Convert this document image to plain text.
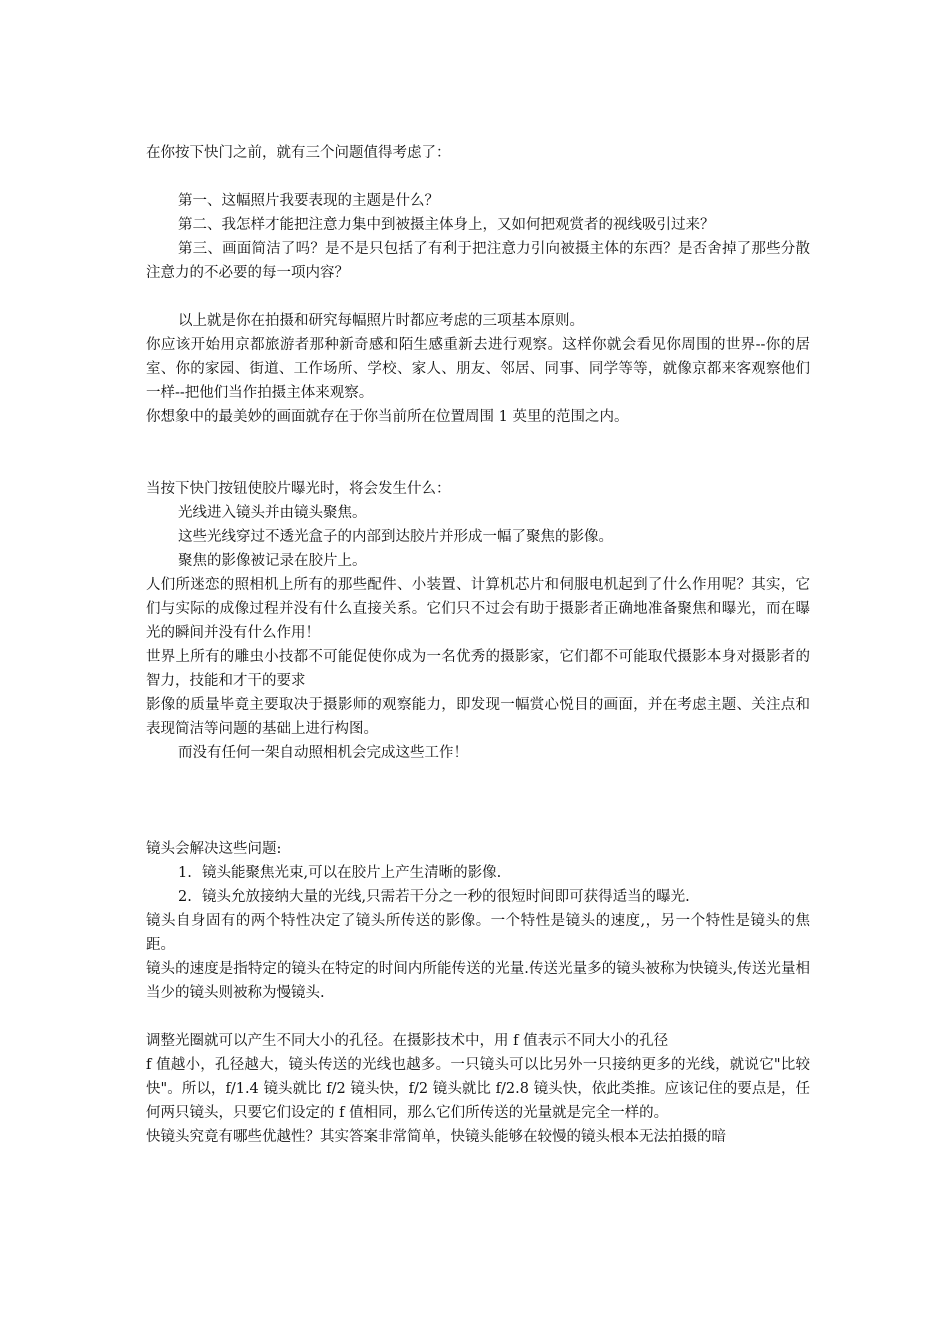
在你按下快门之前，就有三个问题值得考虑了：

第一、这幅照片我要表现的主题是什么？

第二、我怎样才能把注意力集中到被摄主体身上，又如何把观赏者的视线吸引过来？

第三、画面简洁了吗？是不是只包括了有利于把注意力引向被摄主体的东西？是否舍掉了那些分散注意力的不必要的每一项内容？

以上就是你在拍摄和研究每幅照片时都应考虑的三项基本原则。

你应该开始用京都旅游者那种新奇感和陌生感重新去进行观察。这样你就会看见你周围的世界--你的居室、你的家园、街道、工作场所、学校、家人、朋友、邻居、同事、同学等等，就像京都来客观察他们一样--把他们当作拍摄主体来观察。

你想象中的最美妙的画面就存在于你当前所在位置周围 1 英里的范围之内。

当按下快门按钮使胶片曝光时，将会发生什么：

光线进入镜头并由镜头聚焦。

这些光线穿过不透光盒子的内部到达胶片并形成一幅了聚焦的影像。

聚焦的影像被记录在胶片上。

人们所迷恋的照相机上所有的那些配件、小装置、计算机芯片和伺服电机起到了什么作用呢？其实，它们与实际的成像过程并没有什么直接关系。它们只不过会有助于摄影者正确地准备聚焦和曝光，而在曝光的瞬间并没有什么作用！

世界上所有的雕虫小技都不可能促使你成为一名优秀的摄影家，它们都不可能取代摄影本身对摄影者的智力，技能和才干的要求

影像的质量毕竟主要取决于摄影师的观察能力，即发现一幅赏心悦目的画面，并在考虑主题、关注点和表现简洁等问题的基础上进行构图。

而没有任何一架自动照相机会完成这些工作！

镜头会解决这些问题:

1. 镜头能聚焦光束,可以在胶片上产生清晰的影像.

2. 镜头允放接纳大量的光线,只需若干分之一秒的很短时间即可获得适当的曝光.

镜头自身固有的两个特性决定了镜头所传送的影像。一个特性是镜头的速度,，另一个特性是镜头的焦距。

镜头的速度是指特定的镜头在特定的时间内所能传送的光量.传送光量多的镜头被称为快镜头,传送光量相当少的镜头则被称为慢镜头.

调整光圈就可以产生不同大小的孔径。在摄影技术中，用 f 值表示不同大小的孔径

f 值越小，孔径越大，镜头传送的光线也越多。一只镜头可以比另外一只接纳更多的光线，就说它"比较快"。所以，f/1.4 镜头就比 f/2 镜头快，f/2 镜头就比 f/2.8 镜头快，依此类推。应该记住的要点是，任何两只镜头，只要它们设定的 f 值相同，那么它们所传送的光量就是完全一样的。

快镜头究竟有哪些优越性？其实答案非常简单，快镜头能够在较慢的镜头根本无法拍摄的暗
